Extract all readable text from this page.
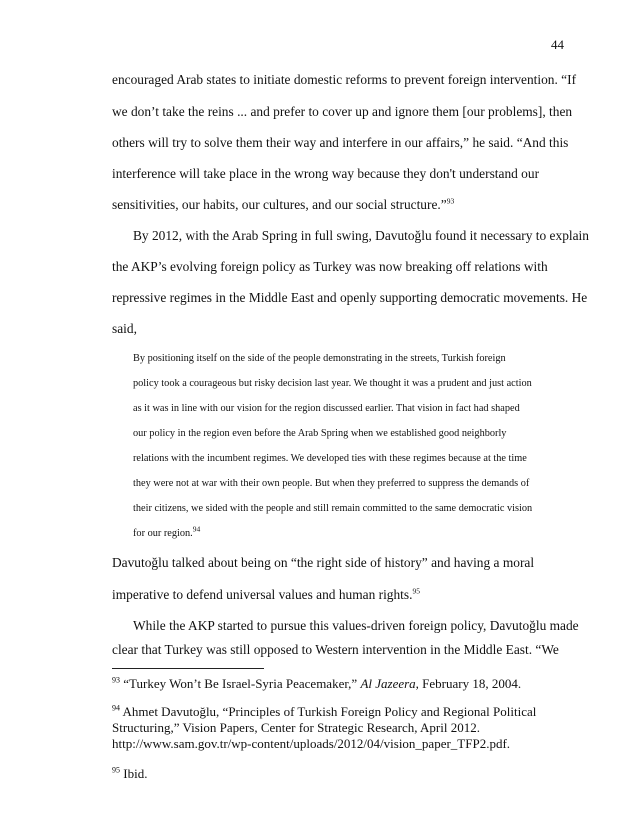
44
encouraged Arab states to initiate domestic reforms to prevent foreign intervention. “If
we don’t take the reins ... and prefer to cover up and ignore them [our problems], then
others will try to solve them their way and interfere in our affairs,” he said. “And this
interference will take place in the wrong way because they don't understand our
sensitivities, our habits, our cultures, and our social structure.”$^{93}$
By 2012, with the Arab Spring in full swing, Davutoğlu found it necessary to explain
the AKP’s evolving foreign policy as Turkey was now breaking off relations with
repressive regimes in the Middle East and openly supporting democratic movements. He
said,
By positioning itself on the side of the people demonstrating in the streets, Turkish foreign
policy took a courageous but risky decision last year. We thought it was a prudent and just action
as it was in line with our vision for the region discussed earlier. That vision in fact had shaped
our policy in the region even before the Arab Spring when we established good neighborly
relations with the incumbent regimes. We developed ties with these regimes because at the time
they were not at war with their own people. But when they preferred to suppress the demands of
their citizens, we sided with the people and still remain committed to the same democratic vision
for our region.$^{94}$
Davutoğlu talked about being on “the right side of history” and having a moral
imperative to defend universal values and human rights.$^{95}$
While the AKP started to pursue this values-driven foreign policy, Davutoğlu made
clear that Turkey was still opposed to Western intervention in the Middle East. “We
$^{93}$ “Turkey Won’t Be Israel-Syria Peacemaker,” Al Jazeera, February 18, 2004.
$^{94}$ Ahmet Davutoğlu, “Principles of Turkish Foreign Policy and Regional Political
Structuring,” Vision Papers, Center for Strategic Research, April 2012.
http://www.sam.gov.tr/wp-content/uploads/2012/04/vision_paper_TFP2.pdf.
$^{95}$ Ibid.
